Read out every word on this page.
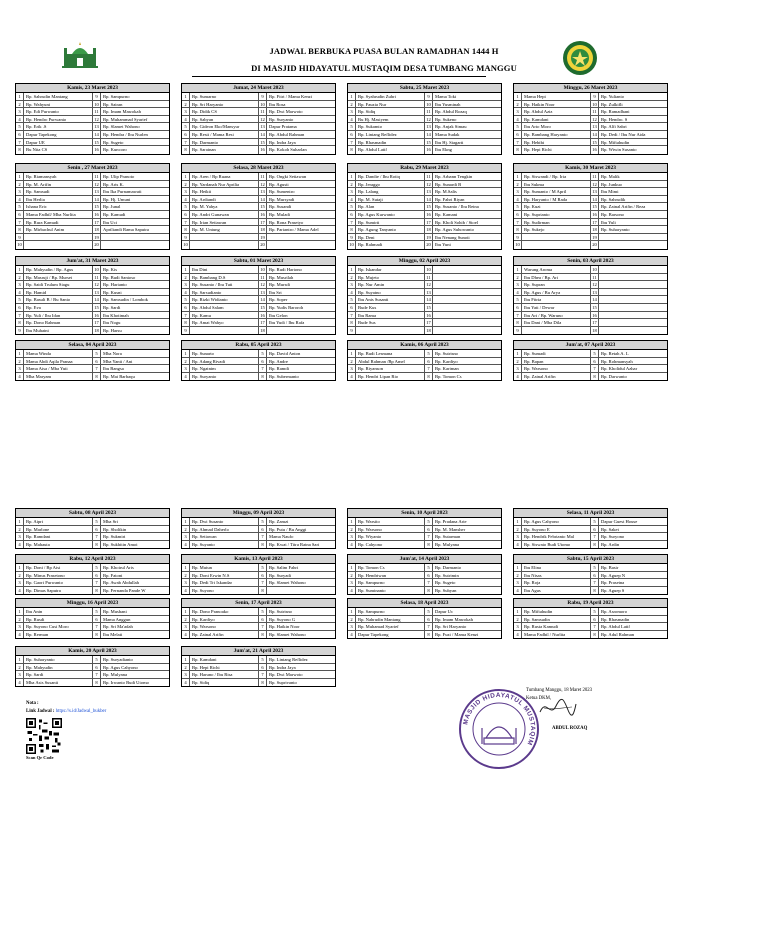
JADWAL BERBUKA PUASA BULAN RAMADHAN 1444 H
DI MASJID HIDAYATUL MUSTAQIM DESA TUMBANG MANGGU
Kamis, 23 Maret 2023
1	Bp. Sahrudin Mantang	9	Bp. Sampurno
2	Bp. Wahyuni	10 Bp. Sairan
3	Bp. Edi Purwanto	11 Bp. Imam Masrokah
4	Bp. Hendro Purwanto	12 Bp. Muhammad Syarief
5	Bp. Erik .S	13 Bp. Slamet Wahono
6	Dapur Tapekong	14 Bp. Hendra / Ibu Nurlen
7	Dapur UE	15 Bp. Sugeto
8	Bu Nita CS	16 Bp. Kuncoro
Jumat, 24 Maret 2023
1	Bp. Sumarno	9	Bp. Fitri / Mama Kenzi
2	Bp. Sri Haryanto	10 Ibu Rosa
3	Bp. Didik CS	11 Bp. Dwi Marwoto
4	Bp. Sabyan	12 Bp. Suryanto
5	Bp. Gideon Eko/Mansyur	13 Dapur Pratama
6	Bp. Resti / Mama Resi	14 Bp. Abdul Rahman
7	Bp. Darmanto	15 Bp. Indra Jaya
8	Bp. Sarainan	16 Bp. Kokoh Suharlan
Sabtu, 25 Maret 2023
1	Bp. Syahrudin Zuhri	9	Mama Toki
2	Bp. Fauzia Nur	10 Ibu Yusminah
3	Bp. Sidiq	11 Bp. Abdul Rozaq
4	Bu Hj. Masiyem	12 Bp. Sukeno
5	Bp. Sukamto	13 Bp. Anjak Simau
6	Bp. Lintang Reflidez	14 Mama Sudak
7	Bp. Rhasmadin	15 Ibu Hj. Siagarti
8	Bp. Abdul Latif	16 Ibu Ekng
Minggu, 26 Maret 2023
1	Mama Hepi	9	Bp. Yulianto
2	Bp. Haikin Noor	10 Bp. Zulkifli
3	Bp. Abdul Aziz	11 Bp. Ramadhani
4	Bp. Kamdani	12 Bp. Hendro. S
5	Ibu Arto Moro	13 Bp. Alfi Sabri
6	Bp. Bambang Haryanto	14 Bp. Dedi / Ibu Nur Aida
7	Bp. Hebibi	15 Bp. Miftahudin
8	Bp. Hepi Richi	16 Bp. Wiwin Susanto
Senin , 27 Maret 2023
1	Bp. Riamansyah	11 Bp. Ulip Pranoto
2	Bp. M. Arifin	12 Bp. Aris K.
3	Bp. Samsudi	13 Ibu Ika Purnamawati
4	Ibu Herlia	14 Bp. Hj. Umuni
5	Ishana Eric	15 Bp. Junal
6	Mama Fadhil/ Mba Nurlita	16 Bp. Kamudi
7	Bp. Rura Kamudi	17 Ibu Uci
8	Bp. Mirbachul Anim	18 Apriliandi Rama Saputra
9	19
10	20
Selasa, 28 Maret 2023
1	Bp. Aren / Bp Ruana	11 Bp. Ongki Setiawan
2	Bp. Yardanah Nur Aprilia	12 Bp. Agusti
3	Bp. Heikti	13 Bp. Sumentro
4	Bp. Ardiandi	14 Bp. Mursyadi
5	Bp. M. Yahya	15 Bp. Susandi
6	Bp. Andri Gunawan	16 Bp. Muladi
7	Bp. Irian Setiawan	17 Bp. Rona Prasetyo
8	Bp. M. Untung	18 Bp. Pariantro / Mama Adel
9	19
10	20
Rabu, 29 Maret 2023
1	Bp. Dandie / Ibu Rotiq	11 Bp. Arbann Tengkin
2	Bp. Jeraggo	12 Bp. Sunardi B
3	Bp. Lalang	13 Bp. M.Salis
4	Bp. M. Sutaji	14 Bp. Fahri Riyan
5	Bp. Alan	15 Bp. Susanto / Ibu Reina
6	Bp. Agus Kurwanto	16 Bp. Kamani
7	Bp. Sumirti	17 Bp. Kholi Sohib / Sioel
8	Bp. Agung Tanyanto	18 Bp. Agus Suhowanto
9	Bp. Deni	19 Ibu Nenang Sunoti
10 Bp. Rahmadi	20 Ibu Yuni
Kamis, 30 Maret 2023
1	Bp. Siswandi / Bp. Iria	11 Bp. Malik
2	Ibu Sukma	12 Bp. Junkuo
3	Bp. Sumanto / M April	13 Ibu Mimi
4	Bp. Haryanto / M Rada	14 Bp. Sahrudik
5	Bp. Kuzi	15 Bp. Zainal Arifin / Reza
6	Bp. Suprianto	16 Bp. Barsono
7	Bp. Sudirman	17 Ibu Yuli
8	Bp. Sukejo	18 Bp. Suharyanto
9	19
10	20
Jum'at, 31 Maret 2023
1	Bp. Mahyudin / Bp. Agus	10 Bp. Kis
2	Bp. Masruji / Bp. Mursei	11 Bp. Budi Santoso
3	Bp. Saidi Trulum Siagu	12 Bp. Harianto
4	Bp. Hamid	13 Bp. Kusni
5	Bp. Basuli B / Bu Santo	14 Bp. Samsudin / Lombok
6	Bp. Eva	15 Bp. Sardi
7	Bp. Yuli / Ibu Idan	16 Ibu Khotimah
8	Bp. Dono Rahman	17 Ibu Nogu
9	Ibu Muhaini	18 Bp. Harsu
Sabtu, 01 Maret 2023
1	Ibu Dini	10 Bp. Rudi Hartono
2	Bp. Bambang D.S	11 Bp. Musrilah
3	Bp. Susanto / Ibu Tuti	12 Bp. Mursdi
4	Bp. Sarsudianto	13 Ibu Sri
5	Bp. Rizki Widianto	14 Bp. Soper
6	Bp. Abdul Salam	15 Bp. Yudis Baroroh
7	Bp. Kamu	16 Ibu Gelon
8	Bp. Amat Wahyo	17 Ibu Yudi / Ibu Rafa
9	18
Minggu, 02 April 2023
1	Bp. Iskandar	10
2	Bp. Mujeto	11
3	Bp. Nur Amin	12
4	Bp. Suyatno	13
5	Ibu Anis Susanti	14
6	Bude Kus	15
7	Ibu Rama	16
8	Bude Sus	17
9	18
Senin, 03 April 2023
1	Warung Aroma	10
2	Ibu Dhea / Bp. Ari	11
3	Bp. Supran	12
4	Bp. Agus / Bu Arya	13
5	Ibu Fitria	14
6	Ibu Yati / Dewar	15
7	Ibu Ari / Bp. Waruno	16
8	Ibu Dani / Mba Dila	17
9	18
Selasa, 04 April 2023
1	Mama Winda	5	Mba Nora
2	Mama Abdi Aqila Pranaa	6	Mba Yanti / Ani
3	Mama Aisa / Mba Yuti	7	Ibu Bangsa
4	Mba Maryam	8	Bp. Mai Barbaqu
Rabu, 05 April 2023
1	Bp. Sunarto	5	Bp. David Anton
2	Bp. Adang Rivadi	6	Bp. Andre
3	Bp. Ngatnim	7	Bp. Ramdi
4	Bp. Suryanto	8	Bp. Subermanto
Kamis, 06 April 2023
1	Bp. Budi Lesmana	5	Bp. Sutrisno
2	Abdul Rahman /Bp Amel	6	Bp. Kardiyo
3	Bp. Riyanson	7	Bp. Kariman
4	Bp. Hendri Lipan Rio	8	Bp. Tomon Cs
Jum'at, 07 April 2023
1	Bp. Sumadi	5	Bp. Retah A. L
2	Bp. Bapan	6	Bp. Rohmansyah
3	Bp. Warsono	7	Bp. Kholidul Azhar
4	Bp. Zainal Arifin	8	Bp. Darwanto
Sabtu, 08 April 2023
1	Bp. Aipri	5	Mba Sri
2	Bp. Marlone	6	Bp. Sholikin
3	Bp. Ramdani	7	Bp. Sukmiri
4	Bp. Mahauta	8	Bp. Sukhitin Amoi
Minggu, 09 April 2023
1	Bp. Dwi Susanto	5	Bp. Zamzi
2	Bp. Ahmad Daherlo	6	Bp. Putu / Bu Anggi
3	Bp. Setiawan	7	Mama Naufo
4	Bp. Suyanto	8	Bp. Kwat / Titra Ratna Sari
Senin, 10 April 2023
1	Bp. Warsito	5	Bp. Pradana Arie
2	Bp. Warsono	6	Bp. M. Mansher
3	Bp. Wiyanto	7	Bp. Sutarman
4	Bp. Cahyono	8	Bp. Mulyana
Selasa, 11 April 2023
1	Bp. Agus Cahyono	5	Dapur Guest House
2	Bp. Suyono E	6	Bp. Saket
3	Bp. Hendrik Febrianto Mal	7	Bp. Suryono
4	Bp. Siswato Budi Utomo	8	Bp. Ardin
Rabu, 12 April 2023
1	Bp. Doni / Bp Aisi	5	Bp. Khoirul Aris
2	Bp. Minus Prasetono	6	Bp. Fatoni
3	Bp. Gaori Purwanto	7	Bp. Awab Abdullah
4	Bp. Dimas Saputra	8	Bp. Fernanda Pande W
Kamis, 13 April 2023
1	Bp. Mutun	5	Bp. Salim Fahri
2	Bp. Doni Erwin N.S	6	Bp. Suryadi
3	Bp. Dedi Tri Iskandar	7	Bp. Slamet Wahono
4	Bp. Suyono	8
Jum'at, 14 April 2023
1	Bp. Tomon Cs	5	Bp. Darmanto
2	Bp. Hendriwan	6	Bp. Sutrimin
3	Bp. Sampurno	7	Bp. Sugeto
4	Bp. Suminanto	8	Bp. Subyan
Sabtu, 15 April 2023
1	Ibu Elina	5	Bp. Basir
2	Ibu Nisas	6	Bp. Aguep N
3	Bp. Roja	7	Bp. Prasetna
4	Ibu Agus	8	Bp. Aguep S
Minggu, 16 April 2023
1	Ibu Anin	5	Bp. Musbani
2	Bp. Rusdi	6	Mama Anggun
3	Bp. Suyono Cusi Moro	7	Bp. Sri Ma'adah
4	Bp. Rerman	8	Ibu Melati
Senin, 17 April 2023
1	Bp. Dono Pranoako	5	Bp. Sutrisno
2	Bp. Kardiyo	6	Bp. Suyono G
3	Bp. Warsono	7	Bp. Haikin Noor
4	Bp. Zainal Arifin	8	Bp. Slamet Wahono
Selasa, 18 April 2023
1	Bp. Sampurno	5	Dapur Uc
2	Bp. Nahrudin Mantang	6	Bp. Imam Masrokah
3	Bp. Muhamad Syarief	7	Bp. Sri Haryanto
4	Dapur Tapekong	8	Bp. Fuzi / Mama Kenzi
Rabu, 19 April 2023
1	Bp. Miftahudin	5	Bp. Asromoro
2	Bp. Samsudin	6	Bp. Rhasmadin
3	Bp. Rusta Kamudi	7	Bp. Abdul Latif
4	Mama Fadhil / Nurlita	8	Bp. Adul Rahman
Kamis, 20 April 2023
1	Bp. Suharyanto	5	Bp. Suryadianto
2	Bp. Mahyudin	6	Bp. Agus Cahyono
3	Bp. Sardi	7	Bp. Mulyana
4	Mba Asis Susanti	8	Bp. Irwanto Budi Utomo
Jum'at, 21 April 2023
1	Bp. Kamdani	5	Bp. Lintang Reflidez
2	Bp. Hepi Richi	6	Bp. Indra Jaya
3	Bp. Haruno / Ibu Risa	7	Bp. Dwi Marwoto
4	Bp. Sidiq	8	Bp. Suprivanto
Nota :
Link Jadwal : https://s.id/Jadwal_bukber
Scan Qr Code
MASJID HIDAYATUL MUSTAQIM
Tumbang Manggu, 18 Maret 2023
Ketua DKM,
ABDUL ROZAQ
